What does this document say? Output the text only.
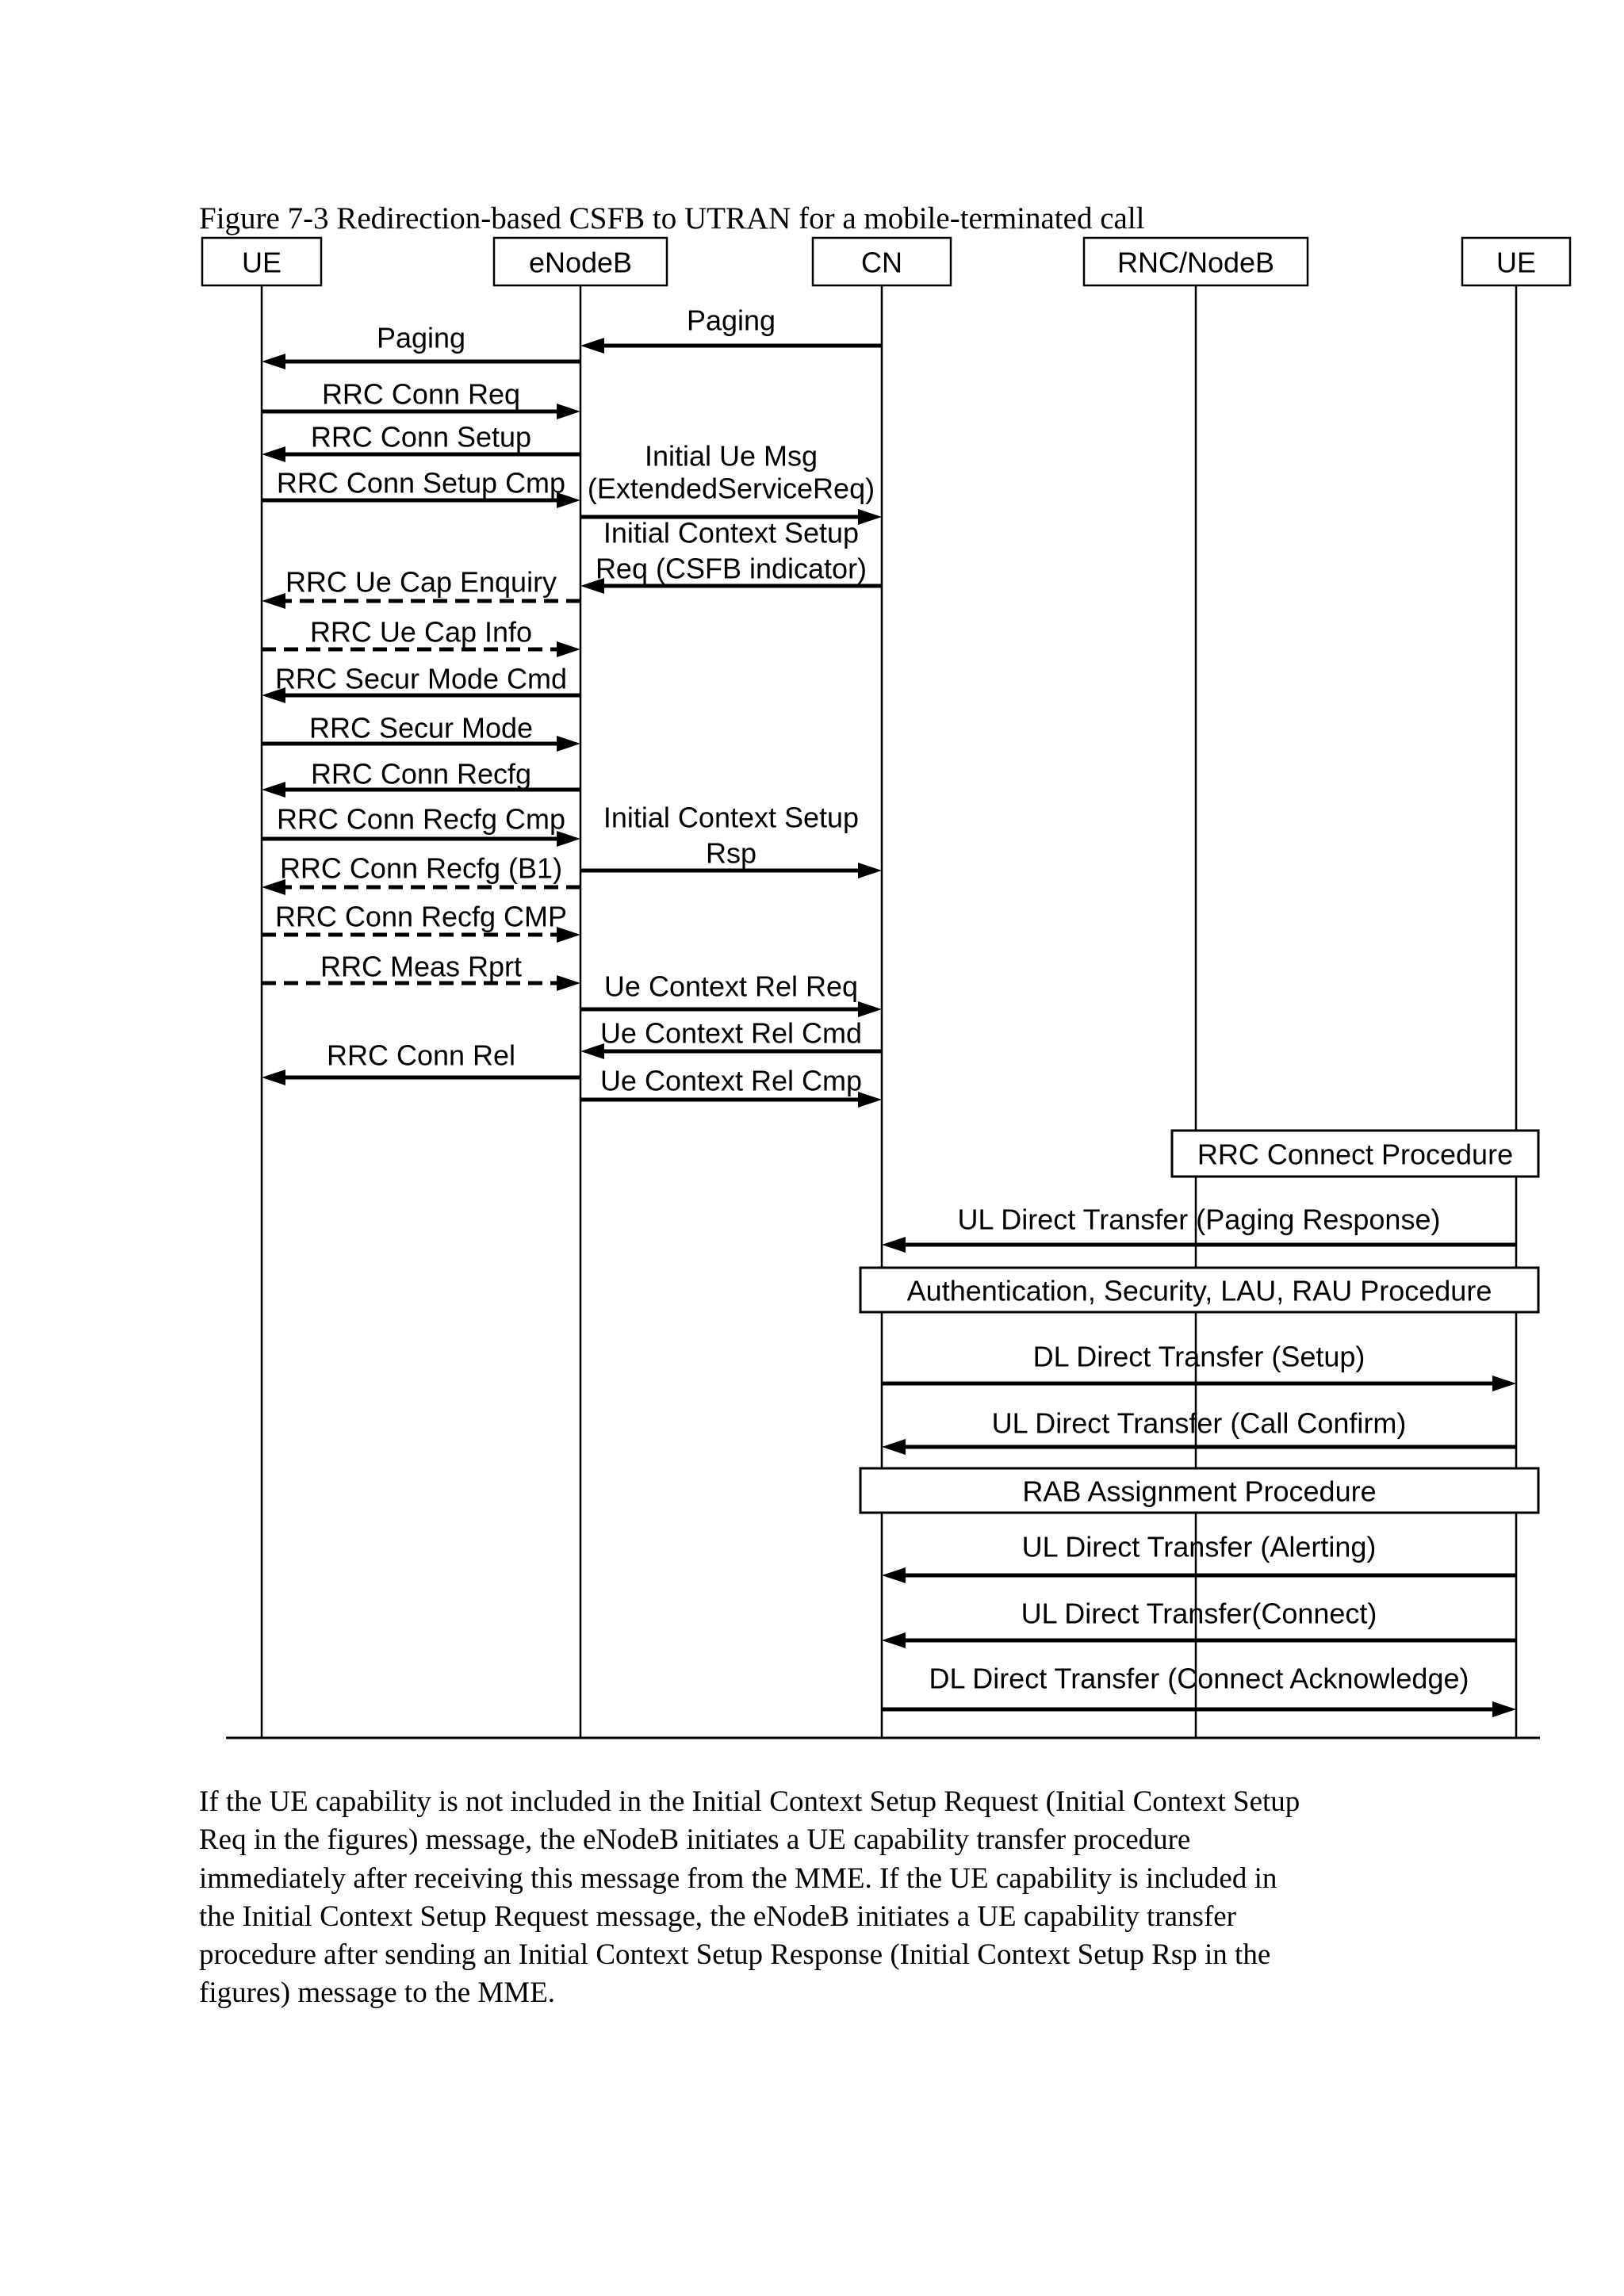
Figure 7-3 Redirection-based CSFB to UTRAN for a mobile-terminated call
UE	eNodeB	CN	RNC/NodeB	UE
Paging
Paging
RRC Conn Req
RRC Conn Setup
RRC Conn Setup Cmp
Initial Ue Msg
(ExtendedServiceReq)
Initial Context Setup
Req (CSFB indicator)
RRC Ue Cap Enquiry
RRC Ue Cap Info
RRC Secur Mode Cmd
RRC Secur Mode
RRC Conn Recfg
RRC Conn Recfg Cmp Initial Context Setup
Rsp
RRC Conn Recfg (B1)
RRC Conn Recfg CMP
RRC Meas Rprt
Ue Context Rel Req
Ue Context Rel Cmd
RRC Conn Rel
Ue Context Rel Cmp
RRC Connect Procedure
UL Direct Transfer (Paging Response)
Authentication, Security, LAU, RAU Procedure
DL Direct Transfer (Setup)
UL Direct Transfer (Call Confirm)
RAB Assignment Procedure
UL Direct Transfer (Alerting)
UL Direct Transfer(Connect)
DL Direct Transfer (Connect Acknowledge)
If the UE capability is not included in the Initial Context Setup Request (Initial Context Setup
Req in the figures) message, the eNodeB initiates a UE capability transfer procedure
immediately after receiving this message from the MME. If the UE capability is included in
the Initial Context Setup Request message, the eNodeB initiates a UE capability transfer
procedure after sending an Initial Context Setup Response (Initial Context Setup Rsp in the
figures) message to the MME.
